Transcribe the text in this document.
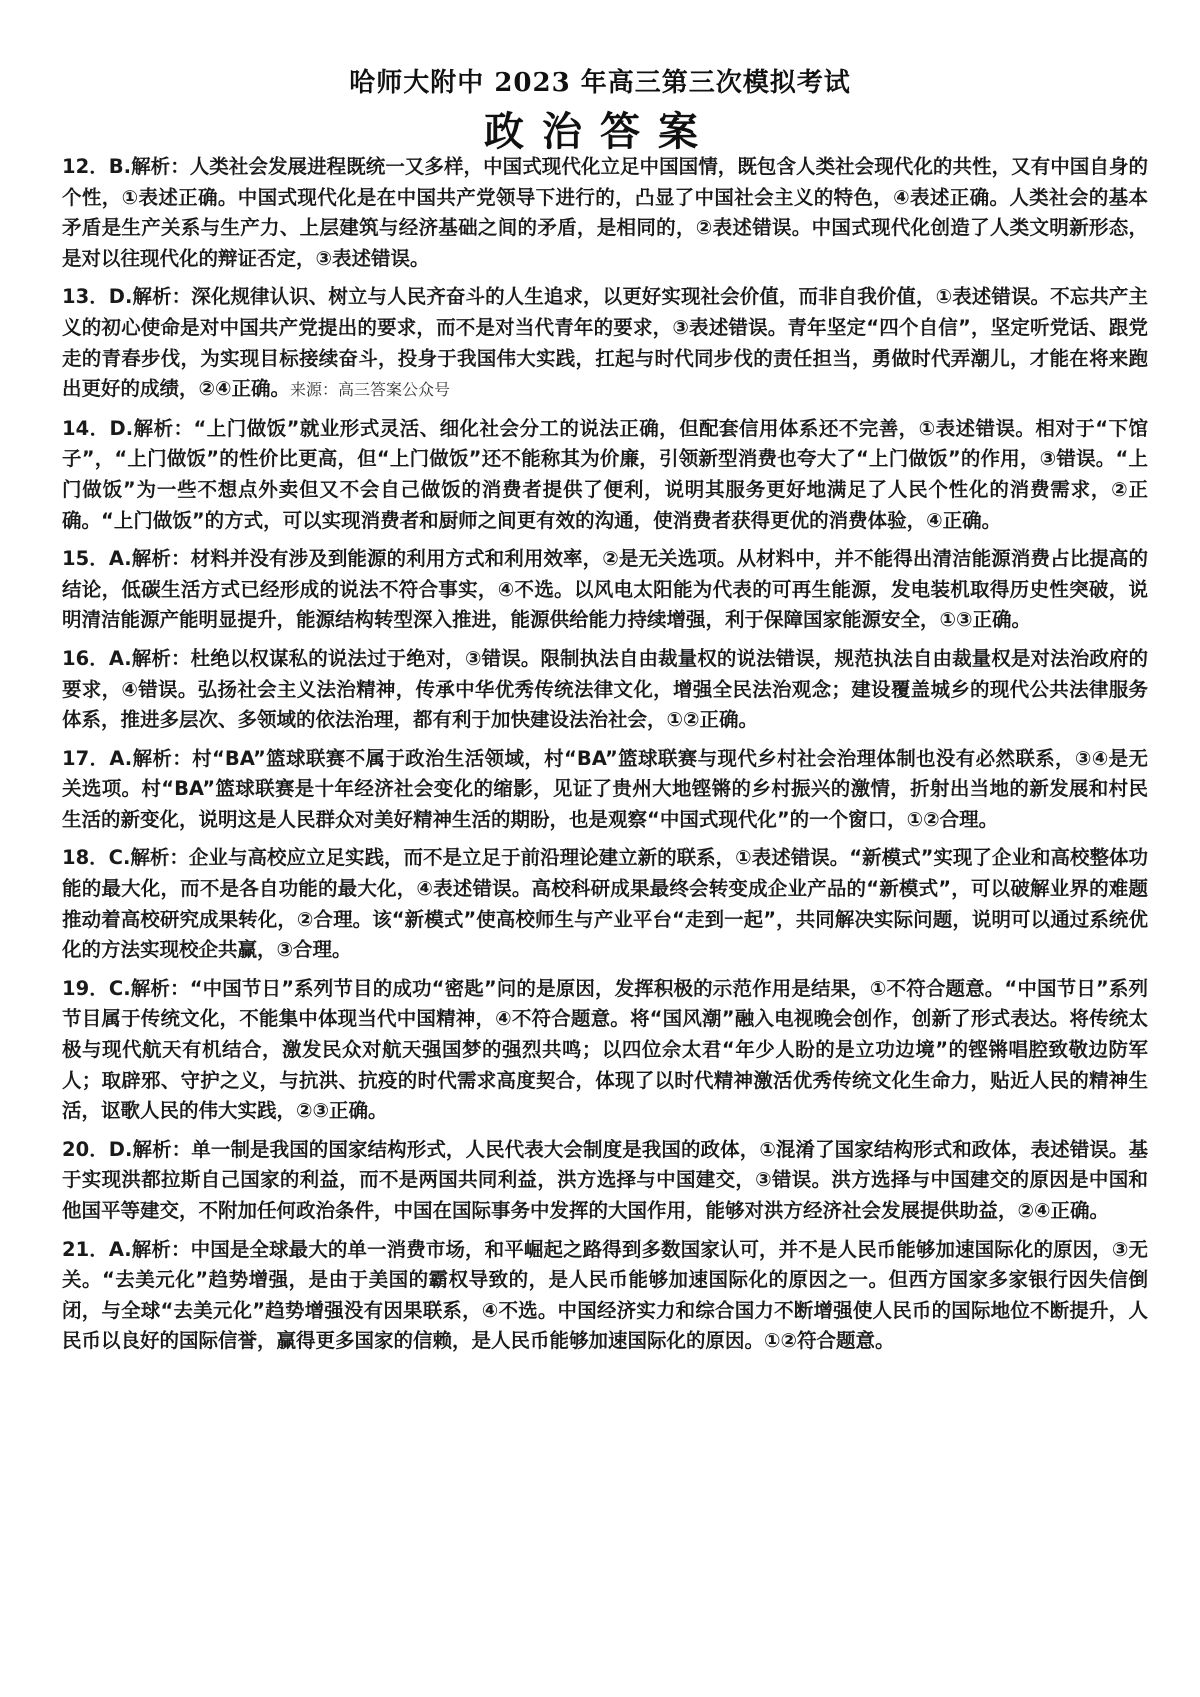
哈师大附中 2023 年高三第三次模拟考试
政治答案

12．B.解析：人类社会发展进程既统一又多样，中国式现代化立足中国国情，既包含人类社会现代化的共性，又有中国自身的个性，①表述正确。中国式现代化是在中国共产党领导下进行的，凸显了中国社会主义的特色，④表述正确。人类社会的基本矛盾是生产关系与生产力、上层建筑与经济基础之间的矛盾，是相同的，②表述错误。中国式现代化创造了人类文明新形态，是对以往现代化的辩证否定，③表述错误。

13．D.解析：深化规律认识、树立与人民齐奋斗的人生追求，以更好实现社会价值，而非自我价值，①表述错误。不忘共产主义的初心使命是对中国共产党提出的要求，而不是对当代青年的要求，③表述错误。青年坚定“四个自信”，坚定听党话、跟党走的青春步伐，为实现目标接续奋斗，投身于我国伟大实践，扛起与时代同步伐的责任担当，勇做时代弄潮儿，才能在将来跑出更好的成绩，②④正确。来源：高三答案公众号

14．D.解析：“上门做饭”就业形式灵活、细化社会分工的说法正确，但配套信用体系还不完善，①表述错误。相对于“下馆子”，“上门做饭”的性价比更高，但“上门做饭”还不能称其为价廉，引领新型消费也夸大了“上门做饭”的作用，③错误。“上门做饭”为一些不想点外卖但又不会自己做饭的消费者提供了便利，说明其服务更好地满足了人民个性化的消费需求，②正确。“上门做饭”的方式，可以实现消费者和厨师之间更有效的沟通，使消费者获得更优的消费体验，④正确。

15．A.解析：材料并没有涉及到能源的利用方式和利用效率，②是无关选项。从材料中，并不能得出清洁能源消费占比提高的结论，低碳生活方式已经形成的说法不符合事实，④不选。以风电太阳能为代表的可再生能源，发电装机取得历史性突破，说明清洁能源产能明显提升，能源结构转型深入推进，能源供给能力持续增强，利于保障国家能源安全，①③正确。

16．A.解析：杜绝以权谋私的说法过于绝对，③错误。限制执法自由裁量权的说法错误，规范执法自由裁量权是对法治政府的要求，④错误。弘扬社会主义法治精神，传承中华优秀传统法律文化，增强全民法治观念；建设覆盖城乡的现代公共法律服务体系，推进多层次、多领域的依法治理，都有利于加快建设法治社会，①②正确。

17．A.解析：村“BA”篮球联赛不属于政治生活领域，村“BA”篮球联赛与现代乡村社会治理体制也没有必然联系，③④是无关选项。村“BA”篮球联赛是十年经济社会变化的缩影，见证了贵州大地铿锵的乡村振兴的激情，折射出当地的新发展和村民生活的新变化，说明这是人民群众对美好精神生活的期盼，也是观察“中国式现代化”的一个窗口，①②合理。

18．C.解析：企业与高校应立足实践，而不是立足于前沿理论建立新的联系，①表述错误。“新模式”实现了企业和高校整体功能的最大化，而不是各自功能的最大化，④表述错误。高校科研成果最终会转变成企业产品的“新模式”，可以破解业界的难题推动着高校研究成果转化，②合理。该“新模式”使高校师生与产业平台“走到一起”，共同解决实际问题，说明可以通过系统优化的方法实现校企共赢，③合理。

19．C.解析：“中国节日”系列节目的成功“密匙”问的是原因，发挥积极的示范作用是结果，①不符合题意。“中国节日”系列节目属于传统文化，不能集中体现当代中国精神，④不符合题意。将“国风潮”融入电视晚会创作，创新了形式表达。将传统太极与现代航天有机结合，激发民众对航天强国梦的强烈共鸣；以四位佘太君“年少人盼的是立功边境”的铿锵唱腔致敬边防军人；取辟邪、守护之义，与抗洪、抗疫的时代需求高度契合，体现了以时代精神激活优秀传统文化生命力，贴近人民的精神生活，讴歌人民的伟大实践，②③正确。

20．D.解析：单一制是我国的国家结构形式，人民代表大会制度是我国的政体，①混淆了国家结构形式和政体，表述错误。基于实现洪都拉斯自己国家的利益，而不是两国共同利益，洪方选择与中国建交，③错误。洪方选择与中国建交的原因是中国和他国平等建交，不附加任何政治条件，中国在国际事务中发挥的大国作用，能够对洪方经济社会发展提供助益，②④正确。

21．A.解析：中国是全球最大的单一消费市场，和平崛起之路得到多数国家认可，并不是人民币能够加速国际化的原因，③无关。“去美元化”趋势增强，是由于美国的霸权导致的，是人民币能够加速国际化的原因之一。但西方国家多家银行因失信倒闭，与全球“去美元化”趋势增强没有因果联系，④不选。中国经济实力和综合国力不断增强使人民币的国际地位不断提升，人民币以良好的国际信誉，赢得更多国家的信赖，是人民币能够加速国际化的原因。①②符合题意。
